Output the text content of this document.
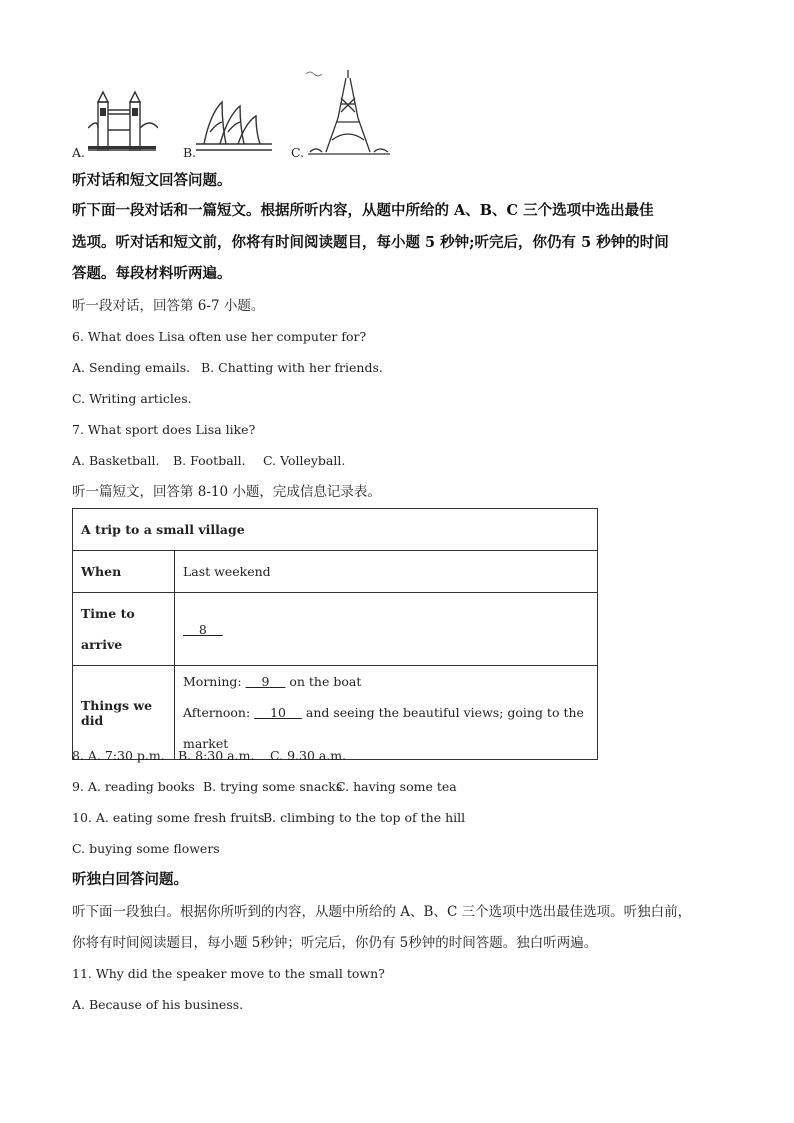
A.	B.	C.
听对话和短文回答问题。
听下面一段对话和一篇短文。根据所听内容，从题中所给的 A、B、C 三个选项中选出最佳
选项。听对话和短文前，你将有时间阅读题目，每小题 5 秒钟;听完后，你仍有 5 秒钟的时间
答题。每段材料听两遍。
听一段对话，回答第 6-7 小题。
6. What does Lisa often use her computer for?
A. Sending emails. B. Chatting with her friends.
C. Writing articles.
7. What sport does Lisa like?
A. Basketball. B. Football. C. Volleyball.
听一篇短文，回答第 8-10 小题，完成信息记录表。
A trip to a small village	
When	Last weekend
Time to
arrive	8
Things we did	Morning: 9 on the boat
Afternoon: 10 and seeing the beautiful views; going to the market
8. A. 7:30 p.m. B. 8:30 a.m. C. 9.30 a.m.
9. A. reading books B. trying some snacks
C. having some tea
10. A. eating some fresh fruits
B. climbing to the top of the hill
C. buying some flowers
听独白回答问题。
听下面一段独白。根据你所听到的内容，从题中所给的 A、B、C 三个选项中选出最佳选项。听独白前，
你将有时间阅读题目，每小题 5秒钟；听完后，你仍有 5秒钟的时间答题。独白听两遍。
11. Why did the speaker move to the small town?
A. Because of his business.
